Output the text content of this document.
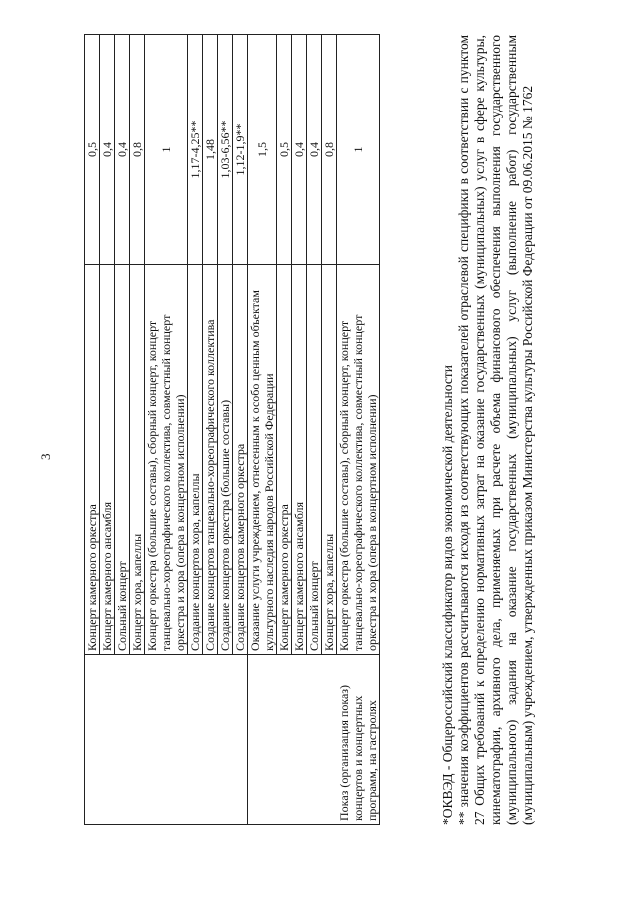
3
	Концерт камерного оркестра	0,5
	Концерт камерного ансамбля	0,4
	Сольный концерт	0,4
	Концерт хора, капеллы	0,8
	Концерт оркестра (большие составы), сборный концерт, концерт танцевально-хореографического коллектива, совместный концерт оркестра и хора (опера в концертном исполнении)	1
	Создание концертов хора, капеллы	1,17-4,25**
	Создание концертов танцевально-хореографического коллектива	1,48
	Создание концертов оркестра (большие составы)	1,03-6,56**
	Создание концертов камерного оркестра	1,12-1,9**
Показ (организация показ) концертов и концертных программ, на гастролях	Оказание услуги учреждением, отнесенным к особо ценным объектам культурного наследия народов Российской Федерации	1,5
	Концерт камерного оркестра	0,5
	Концерт камерного ансамбля	0,4
	Сольный концерт	0,4
	Концерт хора, капеллы	0,8
	Концерт оркестра (большие составы), сборный концерт, концерт танцевально-хореографического коллектива, совместный концерт оркестра и хора (опера в концертном исполнении)	1

*ОКВЭД - Общероссийский классификатор видов экономической деятельности ** значения коэффициентов рассчитываются исходя из соответствующих показателей отраслевой специфики в соответствии с пунктом 27 Общих требований к определению нормативных затрат на оказание государственных (муниципальных) услуг в сфере культуры, кинематографии, архивного дела, применяемых при расчете объема финансового обеспечения выполнения государственного (муниципального) задания на оказание государственных (муниципальных) услуг (выполнение работ) государственным (муниципальным) учреждением, утвержденных приказом Министерства культуры Российской Федерации от 09.06.2015 № 1762
